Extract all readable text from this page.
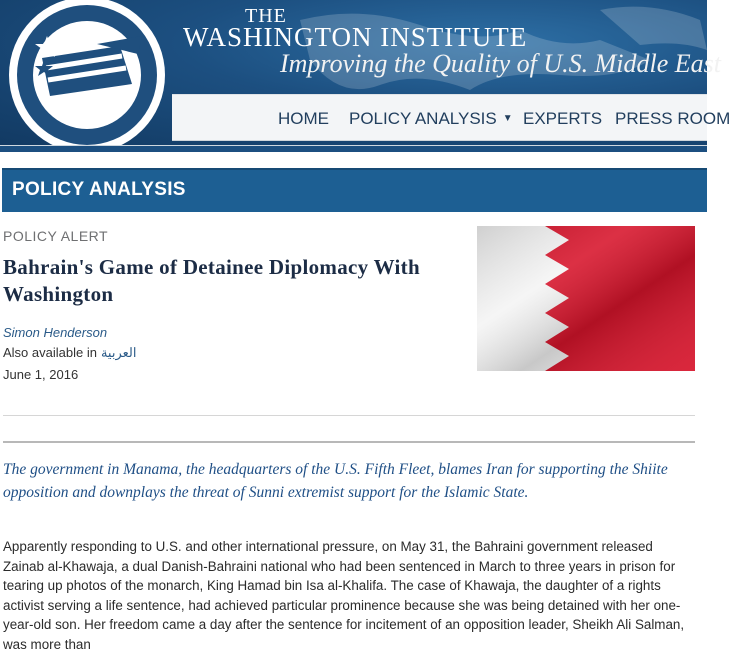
THE
WASHINGTON INSTITUTE
Improving the Quality of U.S. Middle East
HOME POLICY ANALYSIS ▼ EXPERTS PRESS ROOM
POLICY ANALYSIS
POLICY ALERT
Bahrain's Game of Detainee Diplomacy With Washington
Simon Henderson
Also available in العربية
June 1, 2016
The government in Manama, the headquarters of the U.S. Fifth Fleet, blames Iran for supporting the Shiite opposition and downplays the threat of Sunni extremist support for the Islamic State.
Apparently responding to U.S. and other international pressure, on May 31, the Bahraini government released Zainab al-Khawaja, a dual Danish-Bahraini national who had been sentenced in March to three years in prison for tearing up photos of the monarch, King Hamad bin Isa al-Khalifa. The case of Khawaja, the daughter of a rights activist serving a life sentence, had achieved particular prominence because she was being detained with her one-year-old son. Her freedom came a day after the sentence for incitement of an opposition leader, Sheikh Ali Salman, was more than
